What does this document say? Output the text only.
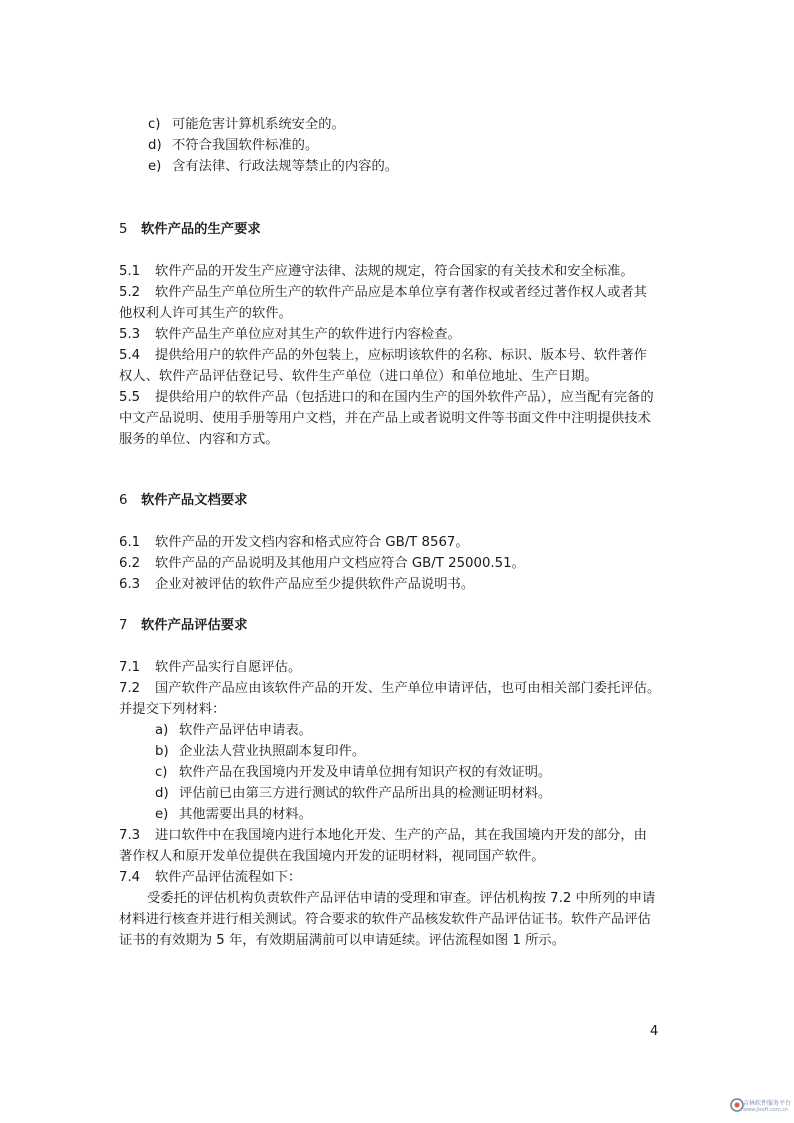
c) 可能危害计算机系统安全的。
d) 不符合我国软件标准的。
e) 含有法律、行政法规等禁止的内容的。
5 软件产品的生产要求
5.1 软件产品的开发生产应遵守法律、法规的规定，符合国家的有关技术和安全标准。
5.2 软件产品生产单位所生产的软件产品应是本单位享有著作权或者经过著作权人或者其
他权利人许可其生产的软件。
5.3 软件产品生产单位应对其生产的软件进行内容检查。
5.4 提供给用户的软件产品的外包装上，应标明该软件的名称、标识、版本号、软件著作
权人、软件产品评估登记号、软件生产单位（进口单位）和单位地址、生产日期。
5.5 提供给用户的软件产品（包括进口的和在国内生产的国外软件产品），应当配有完备的
中文产品说明、使用手册等用户文档，并在产品上或者说明文件等书面文件中注明提供技术
服务的单位、内容和方式。
6 软件产品文档要求
6.1 软件产品的开发文档内容和格式应符合 GB/T 8567。
6.2 软件产品的产品说明及其他用户文档应符合 GB/T 25000.51。
6.3 企业对被评估的软件产品应至少提供软件产品说明书。
7 软件产品评估要求
7.1 软件产品实行自愿评估。
7.2 国产软件产品应由该软件产品的开发、生产单位申请评估，也可由相关部门委托评估。
并提交下列材料：
a) 软件产品评估申请表。
b) 企业法人营业执照副本复印件。
c) 软件产品在我国境内开发及申请单位拥有知识产权的有效证明。
d) 评估前已由第三方进行测试的软件产品所出具的检测证明材料。
e) 其他需要出具的材料。
7.3 进口软件中在我国境内进行本地化开发、生产的产品，其在我国境内开发的部分，由
著作权人和原开发单位提供在我国境内开发的证明材料，视同国产软件。
7.4 软件产品评估流程如下：
受委托的评估机构负责软件产品评估申请的受理和审查。评估机构按 7.2 中所列的申请
材料进行核查并进行相关测试。符合要求的软件产品核发软件产品评估证书。软件产品评估
证书的有效期为 5 年，有效期届满前可以申请延续。评估流程如图 1 所示。
4
吉林软件服务平台
www.jlsoft.com.cn
